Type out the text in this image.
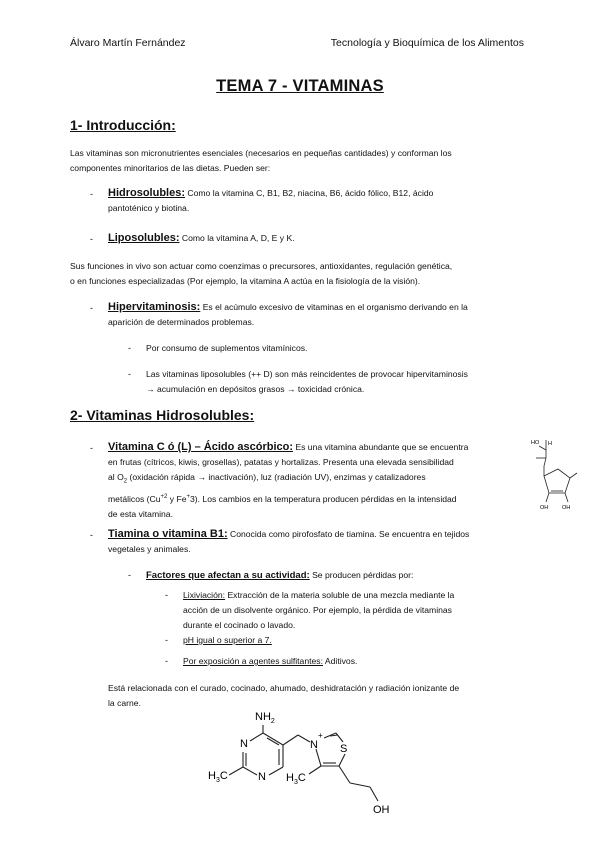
Álvaro Martín Fernández	Tecnología y Bioquímica de los Alimentos
TEMA 7 - VITAMINAS
1- Introducción:
Las vitaminas son micronutrientes esenciales (necesarios en pequeñas cantidades) y conforman los
componentes minoritarios de las dietas. Pueden ser:
- Hidrosolubles: Como la vitamina C, B1, B2, niacina, B6, ácido fólico, B12, ácido
pantoténico y biotina.
- Liposolubles: Como la vitamina A, D, E y K.
Sus funciones in vivo son actuar como coenzimas o precursores, antioxidantes, regulación genética,
o en funciones especializadas (Por ejemplo, la vitamina A actúa en la fisiología de la visión).
- Hipervitaminosis: Es el acúmulo excesivo de vitaminas en el organismo derivando en la
aparición de determinados problemas.
- Por consumo de suplementos vitamínicos.
- Las vitaminas liposolubles (++ D) son más reincidentes de provocar hipervitaminosis
→ acumulación en depósitos grasos → toxicidad crónica.
2- Vitaminas Hidrosolubles:
- Vitamina C ó (L) – Ácido ascórbico: Es una vitamina abundante que se encuentra
en frutas (cítricos, kiwis, grosellas), patatas y hortalizas. Presenta una elevada sensibilidad
al $O_2$ (oxidación rápida → inactivación), luz (radiación UV), enzimas y catalizadores
metálicos ($Cu^{+2}$ y Fe+3). Los cambios en la temperatura producen pérdidas en la intensidad
de esta vitamina.
HO H
OH	OH
- Tiamina o vitamina B1: Conocida como pirofosfato de tiamina. Se encuentra en tejidos
vegetales y animales.
- Factores que afectan a su actividad: Se producen pérdidas por:
- Lixiviación: Extracción de la materia soluble de una mezcla mediante la
acción de un disolvente orgánico. Por ejemplo, la pérdida de vitaminas
durante el cocinado o lavado.
- pH igual o superior a 7.
- Por exposición a agentes sulfitantes: Aditivos.
Está relacionada con el curado, cocinado, ahumado, deshidratación y radiación ionizante de
la carne.
$NH_2$
N
N
$H_3C$
N
+
S
$H_3C$
OH
